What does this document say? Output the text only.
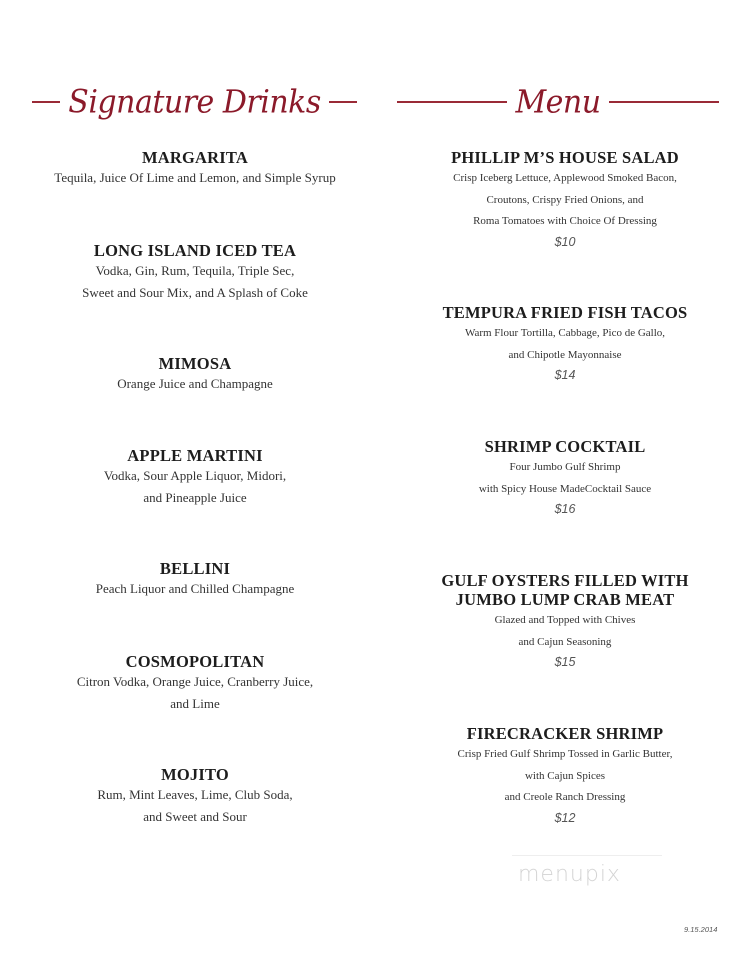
Signature Drinks	Menu
MARGARITA
Tequila, Juice Of Lime and Lemon, and Simple Syrup
LONG ISLAND ICED TEA
Vodka, Gin, Rum, Tequila, Triple Sec,
Sweet and Sour Mix, and A Splash of Coke
MIMOSA
Orange Juice and Champagne
APPLE MARTINI
Vodka, Sour Apple Liquor, Midori,
and Pineapple Juice
BELLINI
Peach Liquor and Chilled Champagne
COSMOPOLITAN
Citron Vodka, Orange Juice, Cranberry Juice,
and Lime
MOJITO
Rum, Mint Leaves, Lime, Club Soda,
and Sweet and Sour
PHILLIP M’S HOUSE SALAD
Crisp Iceberg Lettuce, Applewood Smoked Bacon,
Croutons, Crispy Fried Onions, and
Roma Tomatoes with Choice Of Dressing
$10
TEMPURA FRIED FISH TACOS
Warm Flour Tortilla, Cabbage, Pico de Gallo,
and Chipotle Mayonnaise
$14
SHRIMP COCKTAIL
Four Jumbo Gulf Shrimp
with Spicy House MadeCocktail Sauce
$16
GULF OYSTERS FILLED WITH
JUMBO LUMP CRAB MEAT
Glazed and Topped with Chives
and Cajun Seasoning
$15
FIRECRACKER SHRIMP
Crisp Fried Gulf Shrimp Tossed in Garlic Butter,
with Cajun Spices
and Creole Ranch Dressing
$12
menupix
9.15.2014
